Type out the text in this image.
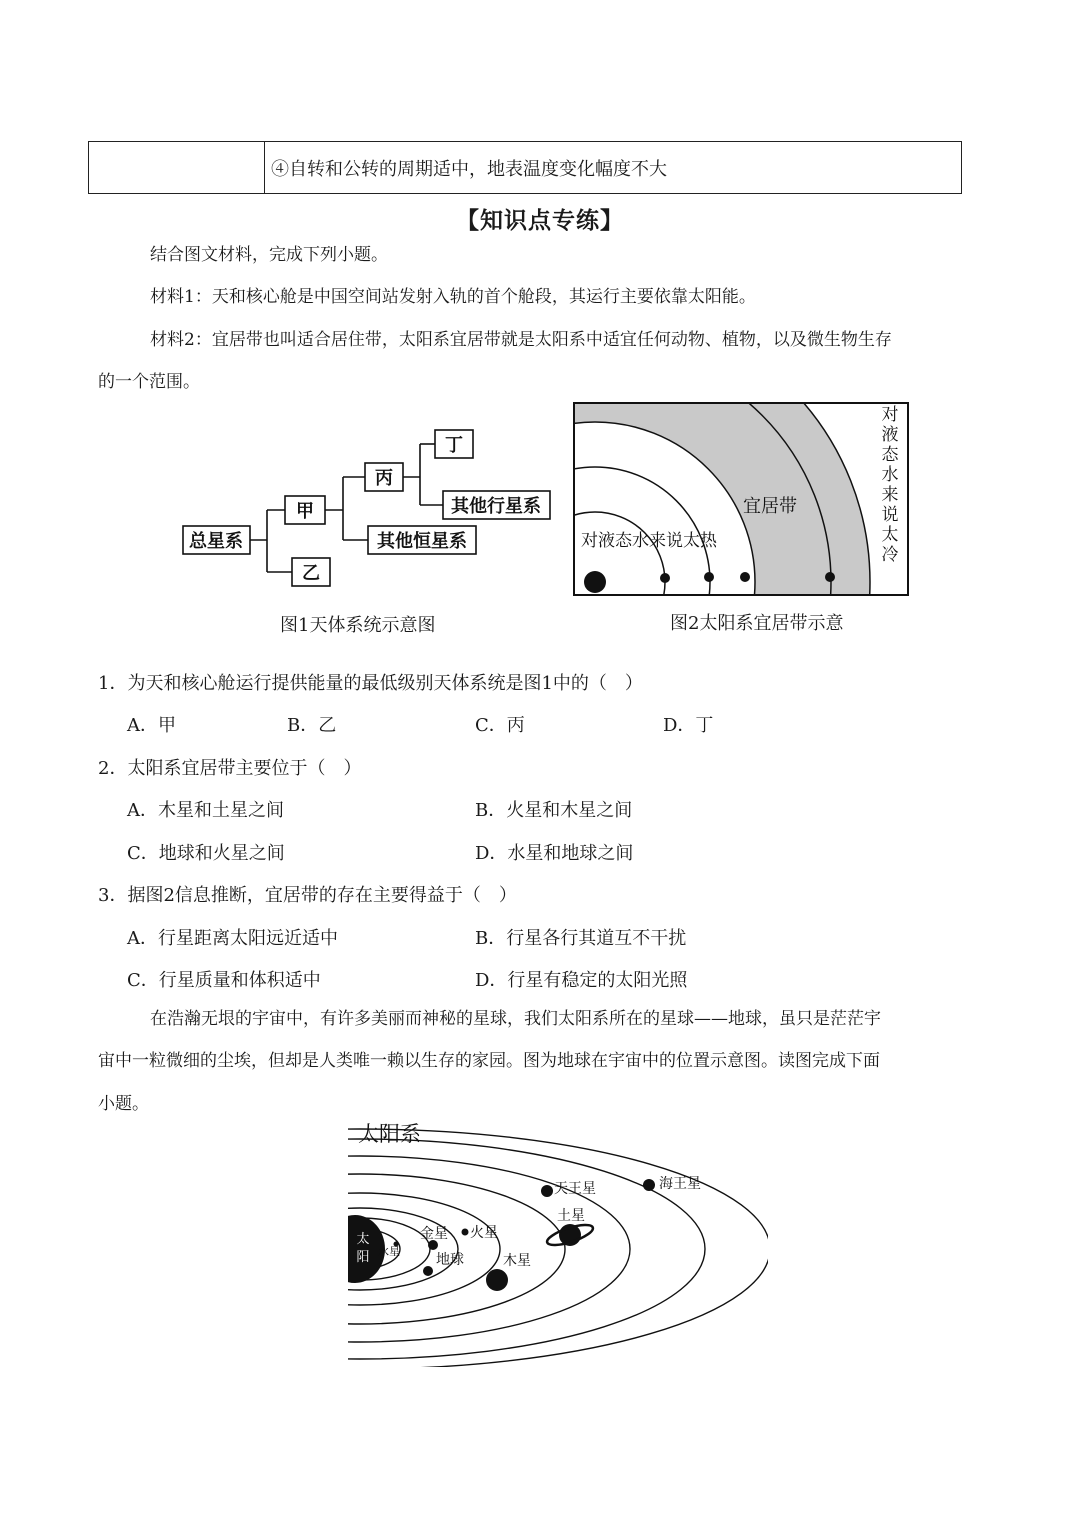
④自转和公转的周期适中，地表温度变化幅度不大
【知识点专练】
结合图文材料，完成下列小题。
材料1：天和核心舱是中国空间站发射入轨的首个舱段，其运行主要依靠太阳能。
材料2：宜居带也叫适合居住带，太阳系宜居带就是太阳系中适宜任何动物、植物，以及微生物生存
的一个范围。
总星系
甲
乙
丙
丁
其他行星系
其他恒星系	对液态水来说太热
宜居带
对液态水来说太冷
图1天体系统示意图	图2太阳系宜居带示意
1．为天和核心舱运行提供能量的最低级别天体系统是图1中的（　）
A．甲	B．乙	C．丙	D．丁
2．太阳系宜居带主要位于（　）
A．木星和土星之间	B．火星和木星之间
C．地球和火星之间	D．水星和地球之间
3．据图2信息推断，宜居带的存在主要得益于（　）
A．行星距离太阳远近适中	B．行星各行其道互不干扰
C．行星质量和体积适中	D．行星有稳定的太阳光照
在浩瀚无垠的宇宙中，有许多美丽而神秘的星球，我们太阳系所在的星球——地球，虽只是茫茫宇
宙中一粒微细的尘埃，但却是人类唯一赖以生存的家园。图为地球在宇宙中的位置示意图。读图完成下面
小题。
太阳系
太
阳 水星
金星
地球
火星
木星
土星
天王星	海王星
